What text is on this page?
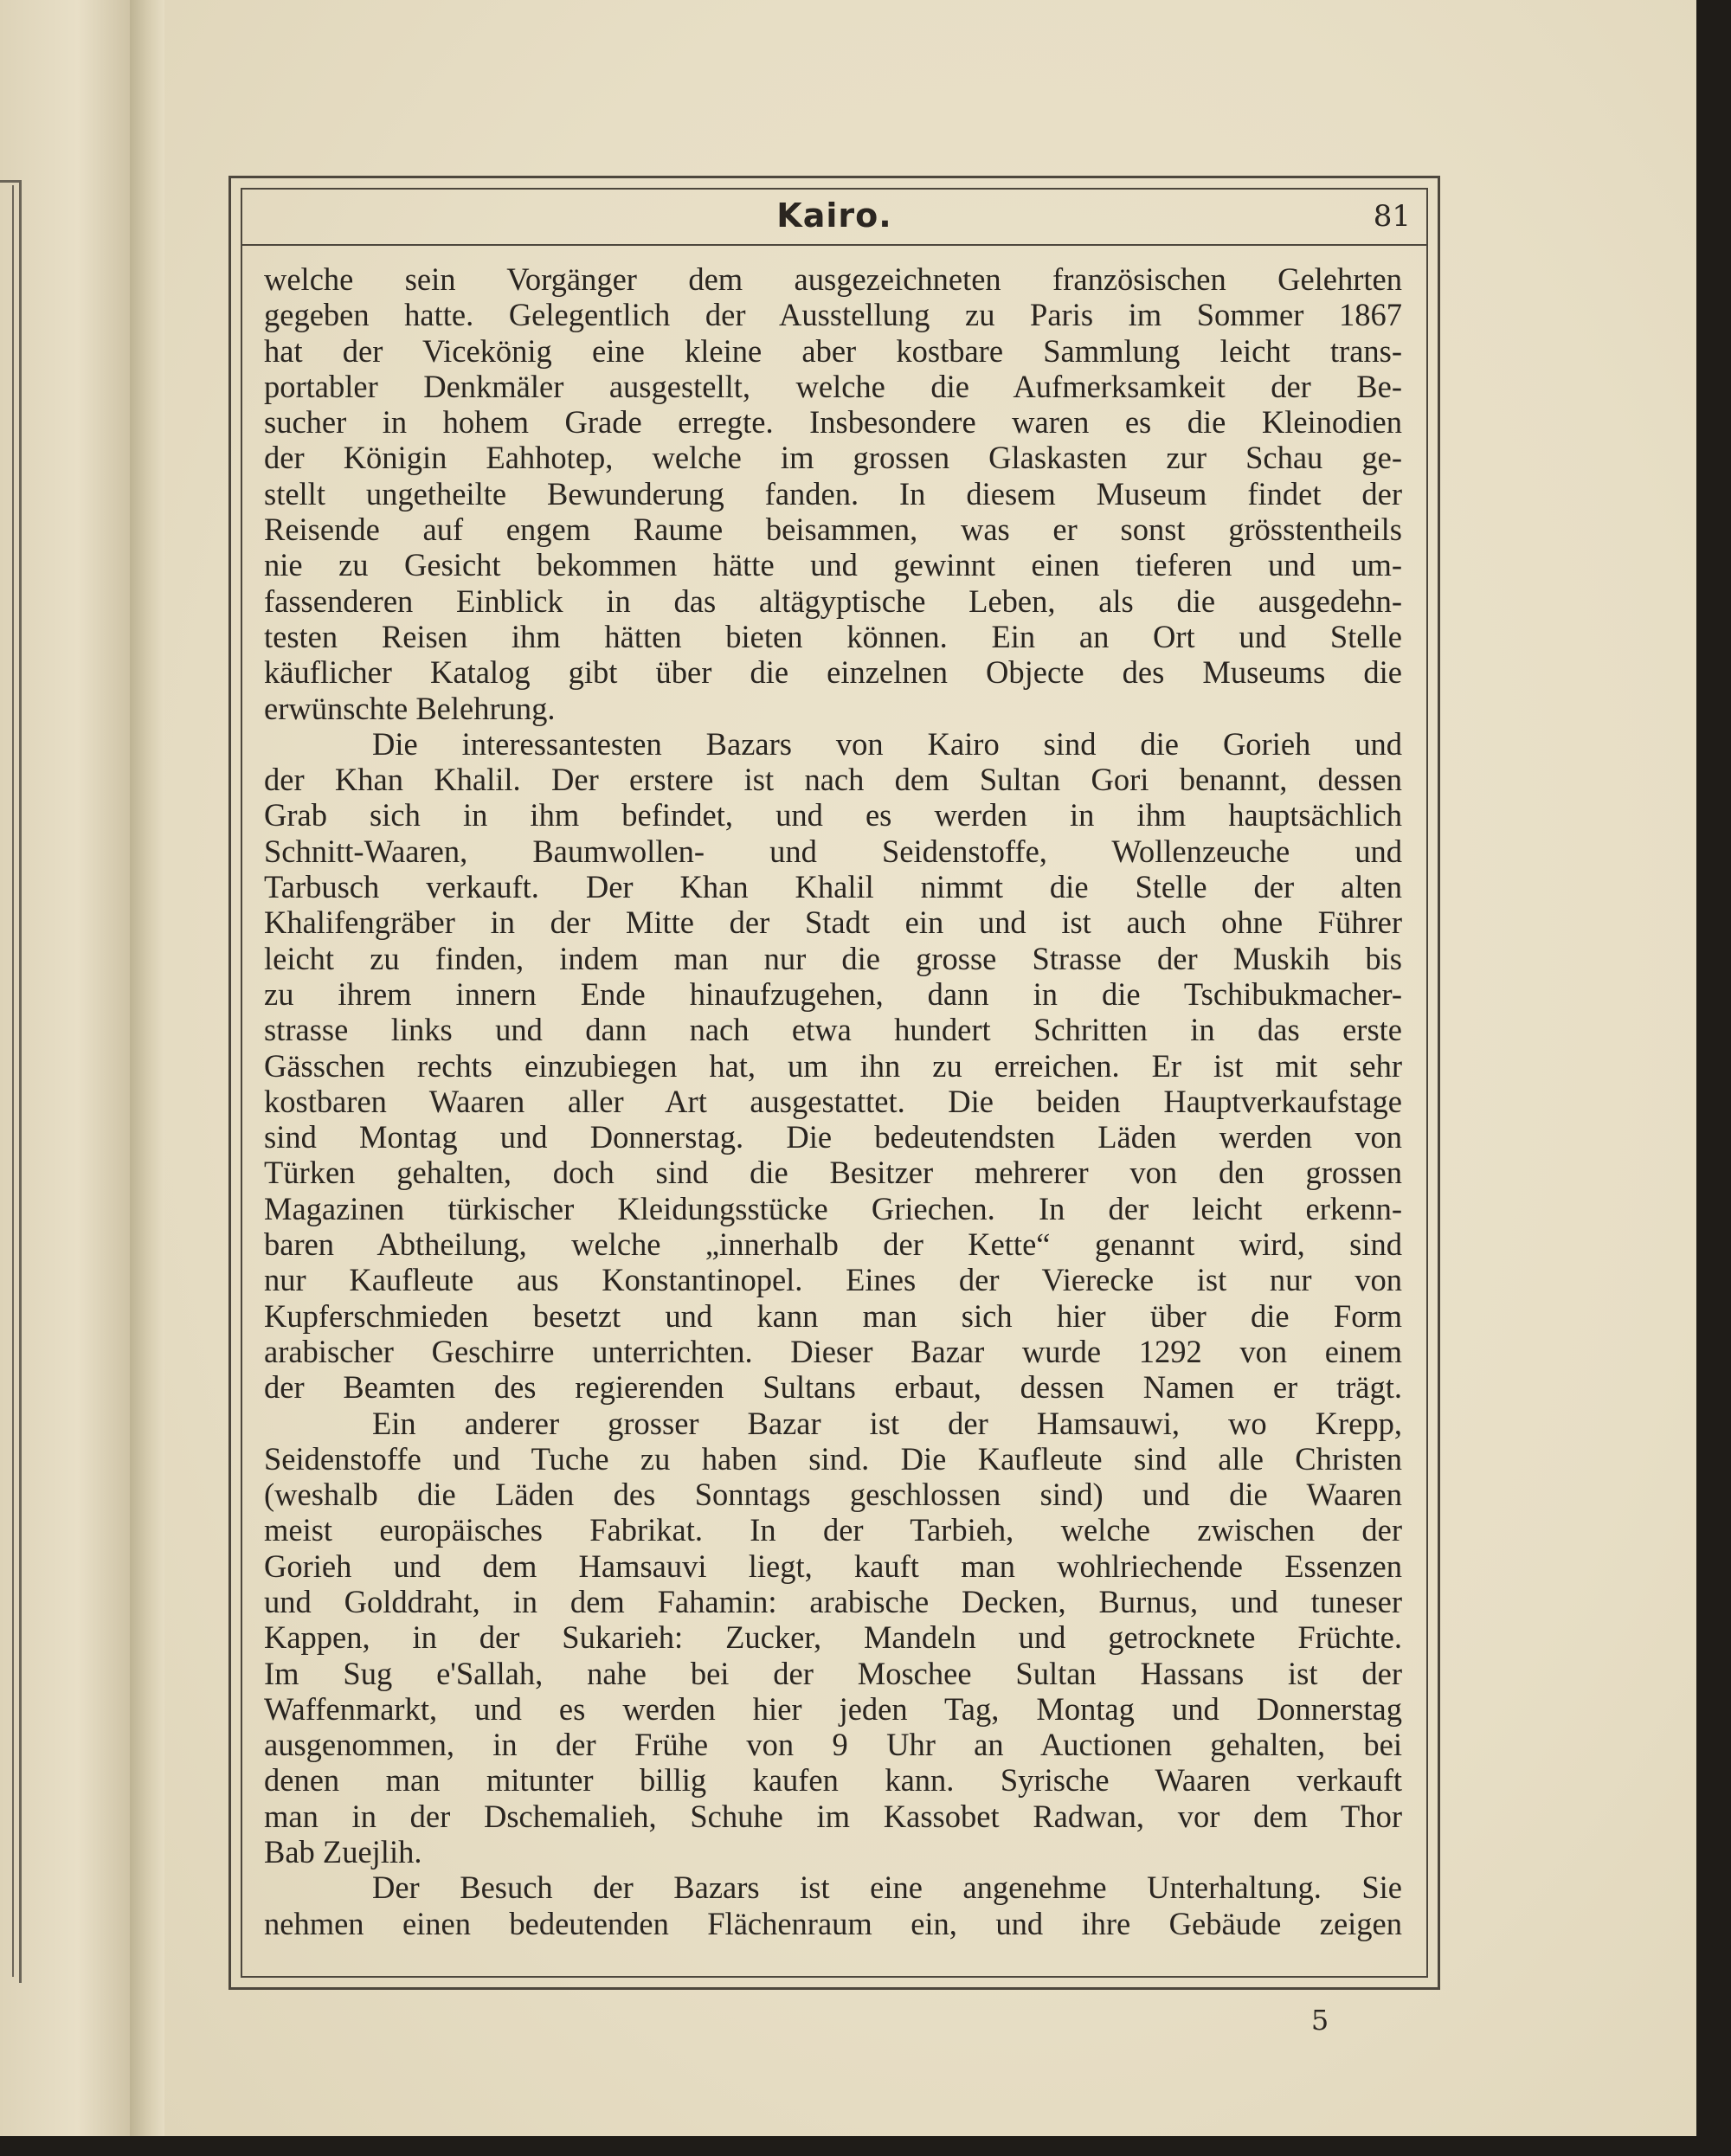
Kairo.	81
welche sein Vorgänger dem ausgezeichneten französischen Gelehrten
gegeben hatte. Gelegentlich der Ausstellung zu Paris im Sommer 1867
hat der Vicekönig eine kleine aber kostbare Sammlung leicht trans-
portabler Denkmäler ausgestellt, welche die Aufmerksamkeit der Be-
sucher in hohem Grade erregte. Insbesondere waren es die Kleinodien
der Königin Eahhotep, welche im grossen Glaskasten zur Schau ge-
stellt ungetheilte Bewunderung fanden. In diesem Museum findet der
Reisende auf engem Raume beisammen, was er sonst grösstentheils
nie zu Gesicht bekommen hätte und gewinnt einen tieferen und um-
fassenderen Einblick in das altägyptische Leben, als die ausgedehn-
testen Reisen ihm hätten bieten können. Ein an Ort und Stelle
käuflicher Katalog gibt über die einzelnen Objecte des Museums die
erwünschte Belehrung.
Die interessantesten Bazars von Kairo sind die Gorieh und
der Khan Khalil. Der erstere ist nach dem Sultan Gori benannt, dessen
Grab sich in ihm befindet, und es werden in ihm hauptsächlich
Schnitt-Waaren, Baumwollen- und Seidenstoffe, Wollenzeuche und
Tarbusch verkauft. Der Khan Khalil nimmt die Stelle der alten
Khalifengräber in der Mitte der Stadt ein und ist auch ohne Führer
leicht zu finden, indem man nur die grosse Strasse der Muskih bis
zu ihrem innern Ende hinaufzugehen, dann in die Tschibukmacher-
strasse links und dann nach etwa hundert Schritten in das erste
Gässchen rechts einzubiegen hat, um ihn zu erreichen. Er ist mit sehr
kostbaren Waaren aller Art ausgestattet. Die beiden Hauptverkaufstage
sind Montag und Donnerstag. Die bedeutendsten Läden werden von
Türken gehalten, doch sind die Besitzer mehrerer von den grossen
Magazinen türkischer Kleidungsstücke Griechen. In der leicht erkenn-
baren Abtheilung, welche „innerhalb der Kette“ genannt wird, sind
nur Kaufleute aus Konstantinopel. Eines der Vierecke ist nur von
Kupferschmieden besetzt und kann man sich hier über die Form
arabischer Geschirre unterrichten. Dieser Bazar wurde 1292 von einem
der Beamten des regierenden Sultans erbaut, dessen Namen er trägt.
Ein anderer grosser Bazar ist der Hamsauwi, wo Krepp,
Seidenstoffe und Tuche zu haben sind. Die Kaufleute sind alle Christen
(weshalb die Läden des Sonntags geschlossen sind) und die Waaren
meist europäisches Fabrikat. In der Tarbieh, welche zwischen der
Gorieh und dem Hamsauvi liegt, kauft man wohlriechende Essenzen
und Golddraht, in dem Fahamin: arabische Decken, Burnus, und tuneser
Kappen, in der Sukarieh: Zucker, Mandeln und getrocknete Früchte.
Im Sug e'Sallah, nahe bei der Moschee Sultan Hassans ist der
Waffenmarkt, und es werden hier jeden Tag, Montag und Donnerstag
ausgenommen, in der Frühe von 9 Uhr an Auctionen gehalten, bei
denen man mitunter billig kaufen kann. Syrische Waaren verkauft
man in der Dschemalieh, Schuhe im Kassobet Radwan, vor dem Thor
Bab Zuejlih.
Der Besuch der Bazars ist eine angenehme Unterhaltung. Sie
nehmen einen bedeutenden Flächenraum ein, und ihre Gebäude zeigen
5
